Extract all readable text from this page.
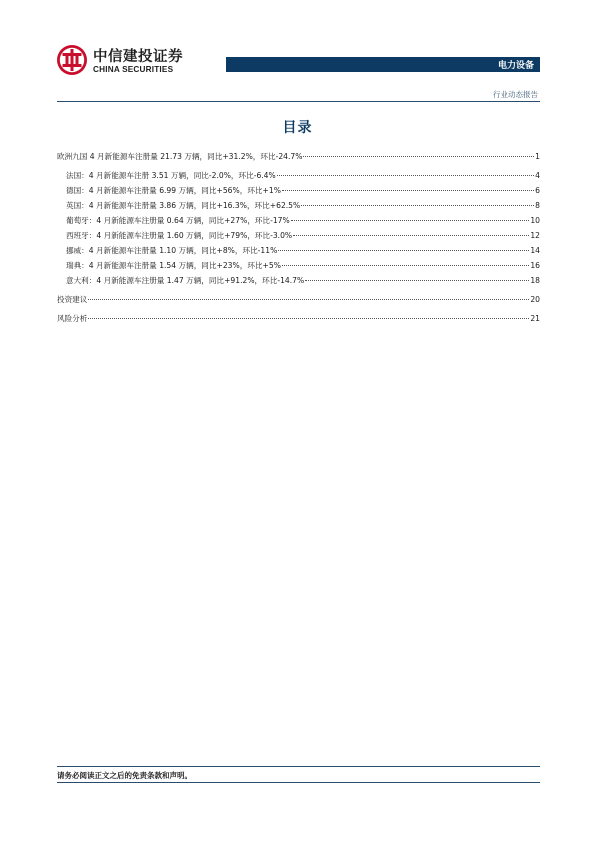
中信建投证券
CHINA SECURITIES	电力设备
行业动态报告
目录
欧洲九国 4 月新能源车注册量 21.73 万辆，同比+31.2%，环比-24.7%	1
法国：4 月新能源车注册 3.51 万辆，同比-2.0%，环比-6.4%	4
德国：4 月新能源车注册量 6.99 万辆，同比+56%，环比+1%	6
英国：4 月新能源车注册量 3.86 万辆，同比+16.3%，环比+62.5%	8
葡萄牙：4 月新能源车注册量 0.64 万辆，同比+27%，环比-17%	10
西班牙：4 月新能源车注册量 1.60 万辆，同比+79%，环比-3.0%	12
挪威：4 月新能源车注册量 1.10 万辆，同比+8%，环比-11%	14
瑞典：4 月新能源车注册量 1.54 万辆，同比+23%，环比+5%	16
意大利：4 月新能源车注册量 1.47 万辆，同比+91.2%，环比-14.7%	18
投资建议	20
风险分析	21
请务必阅读正文之后的免责条款和声明。
